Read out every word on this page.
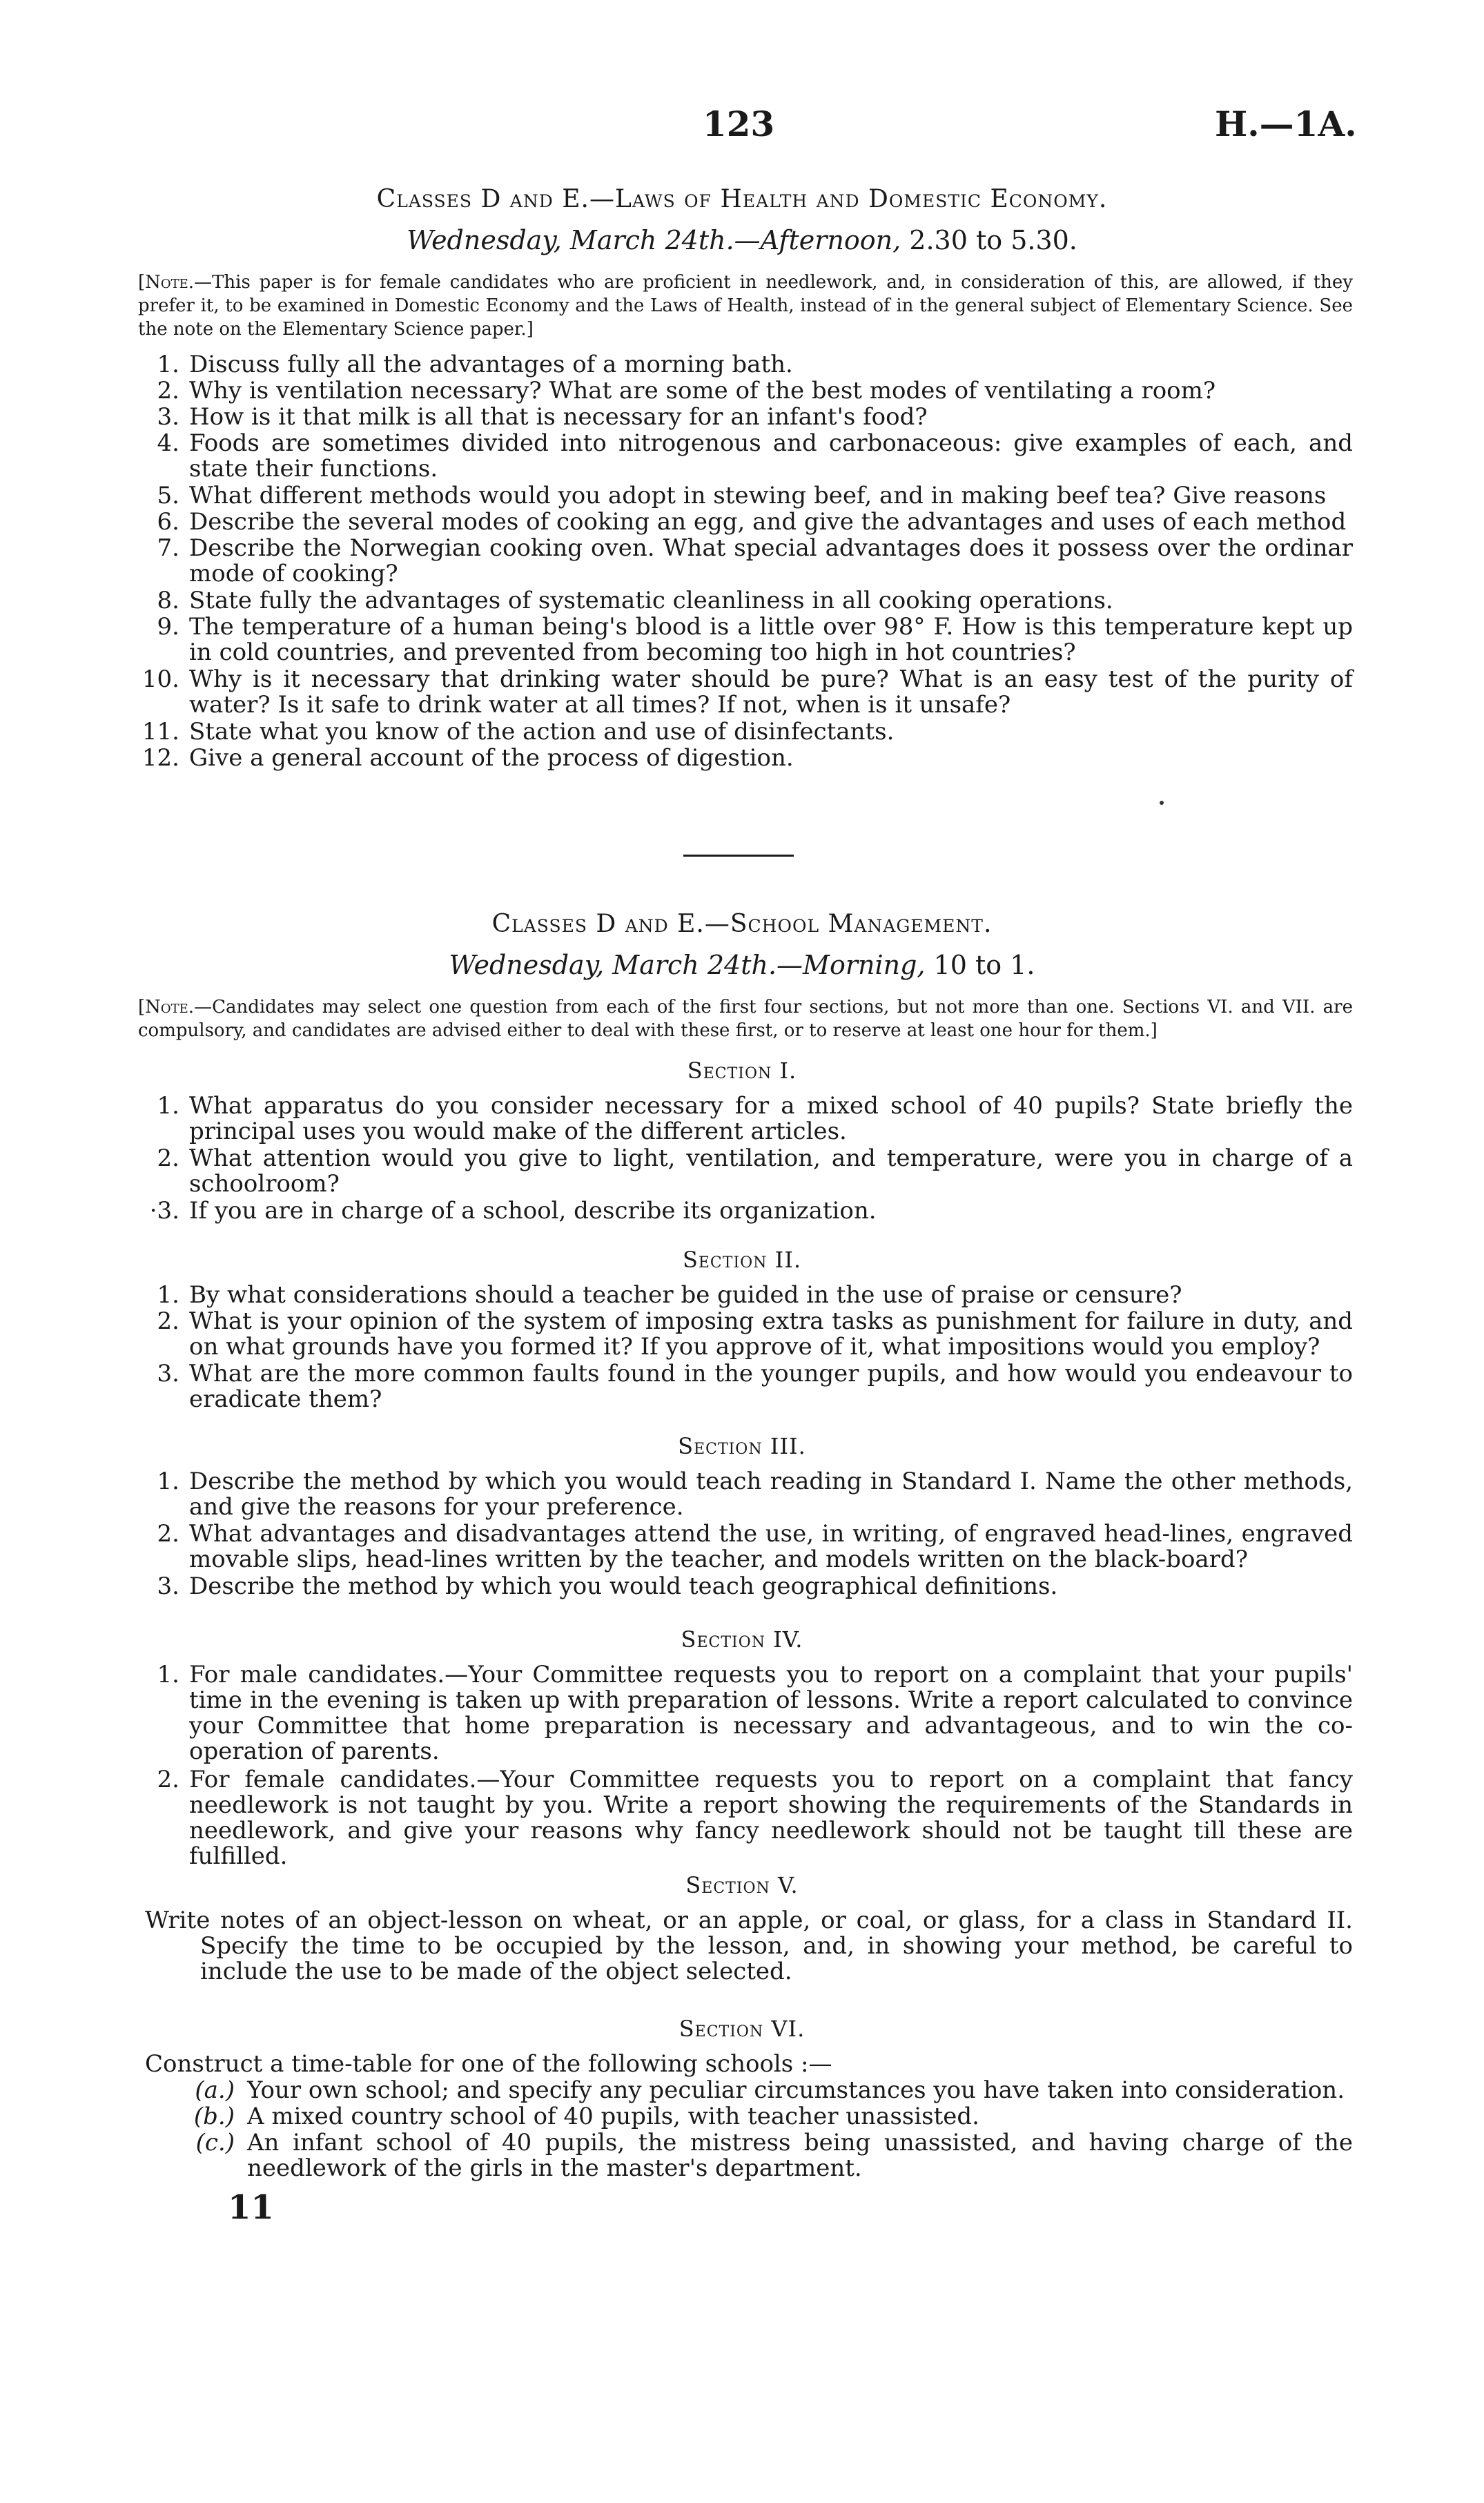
123	H.—1A.
Classes D and E.—Laws of Health and Domestic Economy.
Wednesday, March 24th.—Afternoon, 2.30 to 5.30.
[Note.—This paper is for female candidates who are proficient in needlework, and, in consideration of this, are allowed, if they prefer it, to be examined in Domestic Economy and the Laws of Health, instead of in the general subject of Elementary Science. See the note on the Elementary Science paper.]
1. Discuss fully all the advantages of a morning bath.
2. Why is ventilation necessary? What are some of the best modes of ventilating a room?
3. How is it that milk is all that is necessary for an infant's food?
4. Foods are sometimes divided into nitrogenous and carbonaceous: give examples of each, and state their functions.
5. What different methods would you adopt in stewing beef, and in making beef tea? Give reasons
6. Describe the several modes of cooking an egg, and give the advantages and uses of each method
7. Describe the Norwegian cooking oven. What special advantages does it possess over the ordinar mode of cooking?
8. State fully the advantages of systematic cleanliness in all cooking operations.
9. The temperature of a human being's blood is a little over 98° F. How is this temperature kept up in cold countries, and prevented from becoming too high in hot countries?
10. Why is it necessary that drinking water should be pure? What is an easy test of the purity of water? Is it safe to drink water at all times? If not, when is it unsafe?
11. State what you know of the action and use of disinfectants.
12. Give a general account of the process of digestion.
Classes D and E.—School Management.
Wednesday, March 24th.—Morning, 10 to 1.
[Note.—Candidates may select one question from each of the first four sections, but not more than one. Sections VI. and VII. are compulsory, and candidates are advised either to deal with these first, or to reserve at least one hour for them.]
Section I.
1. What apparatus do you consider necessary for a mixed school of 40 pupils? State briefly the principal uses you would make of the different articles.
2. What attention would you give to light, ventilation, and temperature, were you in charge of a schoolroom?
·3. If you are in charge of a school, describe its organization.
Section II.
1. By what considerations should a teacher be guided in the use of praise or censure?
2. What is your opinion of the system of imposing extra tasks as punishment for failure in duty, and on what grounds have you formed it? If you approve of it, what impositions would you employ?
3. What are the more common faults found in the younger pupils, and how would you endeavour to eradicate them?
Section III.
1. Describe the method by which you would teach reading in Standard I. Name the other methods, and give the reasons for your preference.
2. What advantages and disadvantages attend the use, in writing, of engraved head-lines, engraved movable slips, head-lines written by the teacher, and models written on the black-board?
3. Describe the method by which you would teach geographical definitions.
Section IV.
1. For male candidates.—Your Committee requests you to report on a complaint that your pupils' time in the evening is taken up with preparation of lessons. Write a report calculated to convince your Committee that home preparation is necessary and advantageous, and to win the co-operation of parents.
2. For female candidates.—Your Committee requests you to report on a complaint that fancy needlework is not taught by you. Write a report showing the requirements of the Standards in needlework, and give your reasons why fancy needlework should not be taught till these are fulfilled.
Section V.
Write notes of an object-lesson on wheat, or an apple, or coal, or glass, for a class in Standard II. Specify the time to be occupied by the lesson, and, in showing your method, be careful to include the use to be made of the object selected.
Section VI.
Construct a time-table for one of the following schools :—
(a.) Your own school; and specify any peculiar circumstances you have taken into consideration.
(b.) A mixed country school of 40 pupils, with teacher unassisted.
(c.) An infant school of 40 pupils, the mistress being unassisted, and having charge of the needlework of the girls in the master's department.
11
